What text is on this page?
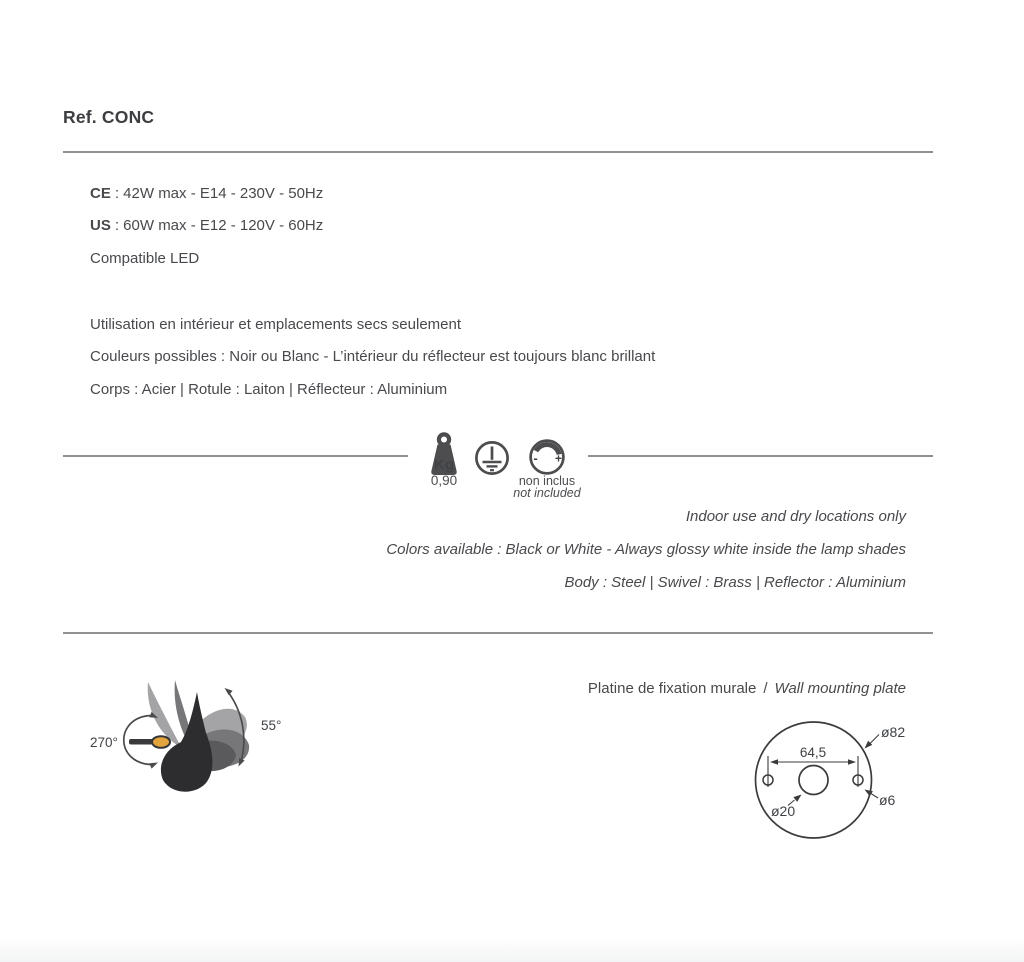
Ref. CONC
CE : 42W max - E14 - 230V - 50Hz
US : 60W max - E12 - 120V - 60Hz
Compatible LED
Utilisation en intérieur et emplacements secs seulement
Couleurs possibles : Noir ou Blanc - L’intérieur du réflecteur est toujours blanc brillant
Corps : Acier | Rotule : Laiton | Réflecteur : Aluminium
Kg
0,90
- +
non inclus
not included
Indoor use and dry locations only
Colors available : Black or White - Always glossy white inside the lamp shades
Body : Steel | Swivel : Brass | Reflector : Aluminium
Platine de fixation murale / Wall mounting plate
270°
55°
64,5
ø82
ø6
ø20
